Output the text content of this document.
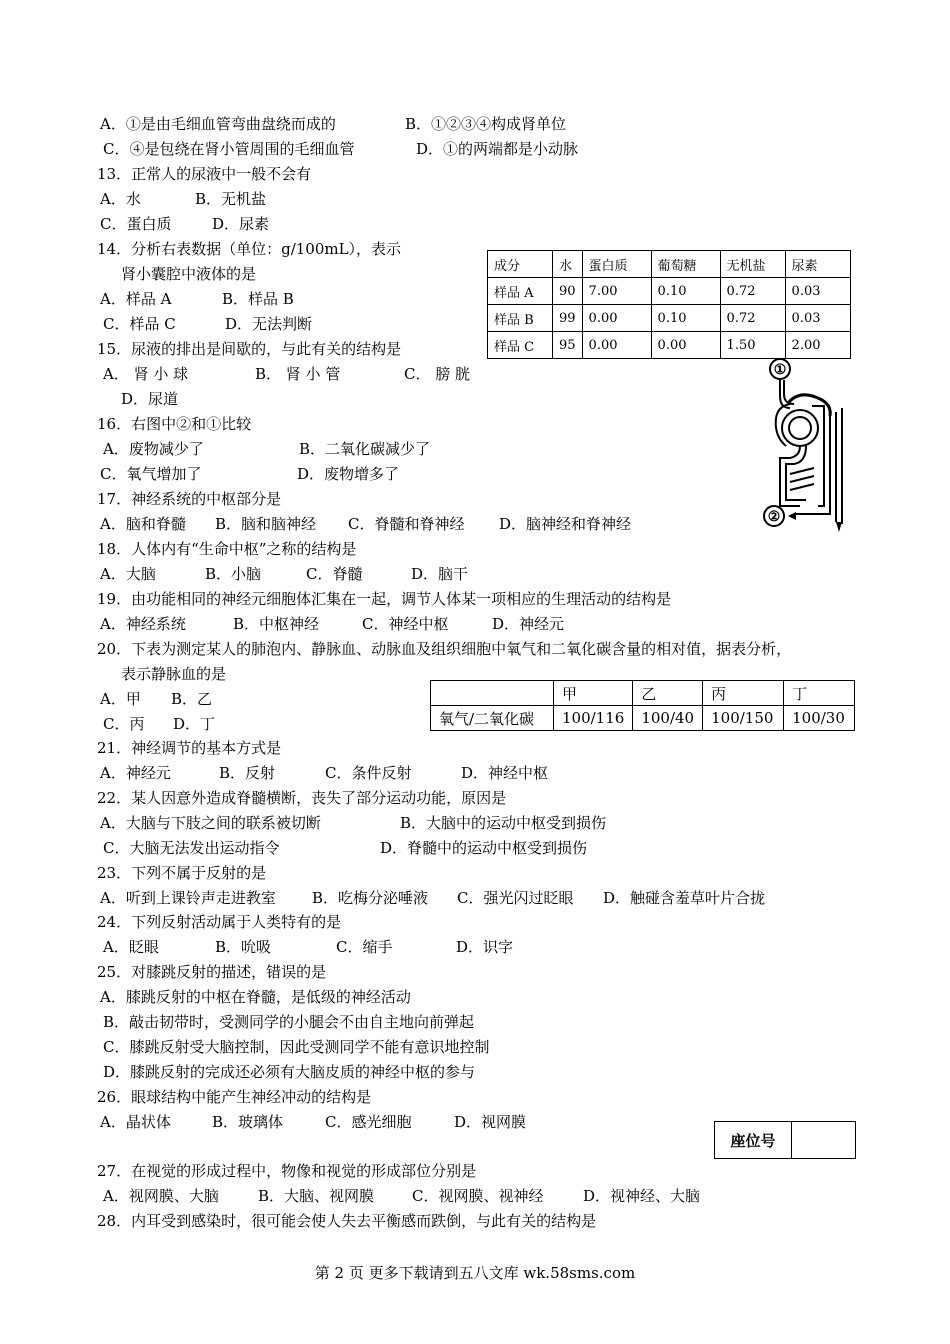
A．①是由毛细血管弯曲盘绕而成的	B．①②③④构成肾单位
C．④是包绕在肾小管周围的毛细血管	D．①的两端都是小动脉
13．正常人的尿液中一般不会有
A．水	B．无机盐
C．蛋白质	D．尿素
14．分析右表数据（单位：g/100mL），表示
肾小囊腔中液体的是
A．样品 A	B．样品 B
C．样品 C	D．无法判断
15．尿液的排出是间歇的，与此有关的结构是
A． 肾 小 球	B． 肾 小 管	C． 膀 胱
D．尿道
16．右图中②和①比较
A．废物减少了	B．二氧化碳减少了
C．氧气增加了	D．废物增多了
17．神经系统的中枢部分是
A．脑和脊髓 B．脑和脑神经 C．脊髓和脊神经 D．脑神经和脊神经
18．人体内有“生命中枢”之称的结构是
A．大脑	B．小脑	C．脊髓	D．脑干
19．由功能相同的神经元细胞体汇集在一起，调节人体某一项相应的生理活动的结构是
A．神经系统	B．中枢神经	C．神经中枢	D．神经元
20．下表为测定某人的肺泡内、静脉血、动脉血及组织细胞中氧气和二氧化碳含量的相对值，据表分析，
表示静脉血的是
A．甲 B．乙
C．丙 D．丁
21．神经调节的基本方式是
A．神经元	B．反射	C．条件反射	D．神经中枢
22．某人因意外造成脊髓横断，丧失了部分运动功能，原因是
A．大脑与下肢之间的联系被切断	B．大脑中的运动中枢受到损伤
C．大脑无法发出运动指令	D．脊髓中的运动中枢受到损伤
23．下列不属于反射的是
A．听到上课铃声走进教室 B．吃梅分泌唾液 C．强光闪过眨眼 D．触碰含羞草叶片合拢
24．下列反射活动属于人类特有的是
A．眨眼	B．吮吸	C．缩手	D．识字
25．对膝跳反射的描述，错误的是
A．膝跳反射的中枢在脊髓，是低级的神经活动
B．敲击韧带时，受测同学的小腿会不由自主地向前弹起
C．膝跳反射受大脑控制，因此受测同学不能有意识地控制
D．膝跳反射的完成还必须有大脑皮质的神经中枢的参与
26．眼球结构中能产生神经冲动的结构是
A．晶状体	B．玻璃体	C．感光细胞	D．视网膜
27．在视觉的形成过程中，物像和视觉的形成部位分别是
A．视网膜、大脑	B．大脑、视网膜	C．视网膜、视神经	D．视神经、大脑
28．内耳受到感染时，很可能会使人失去平衡感而跌倒，与此有关的结构是
成分	水	蛋白质	葡萄糖	无机盐	尿素
样品 A	90	7.00	0.10	0.72	0.03
样品 B	99	0.00	0.10	0.72	0.03
样品 C	95	0.00	0.00	1.50	2.00
①
②
	甲	乙	丙	丁
氧气/二氧化碳	100/116	100/40	100/150	100/30
座位号
第 2 页 更多下载请到五八文库 wk.58sms.com
